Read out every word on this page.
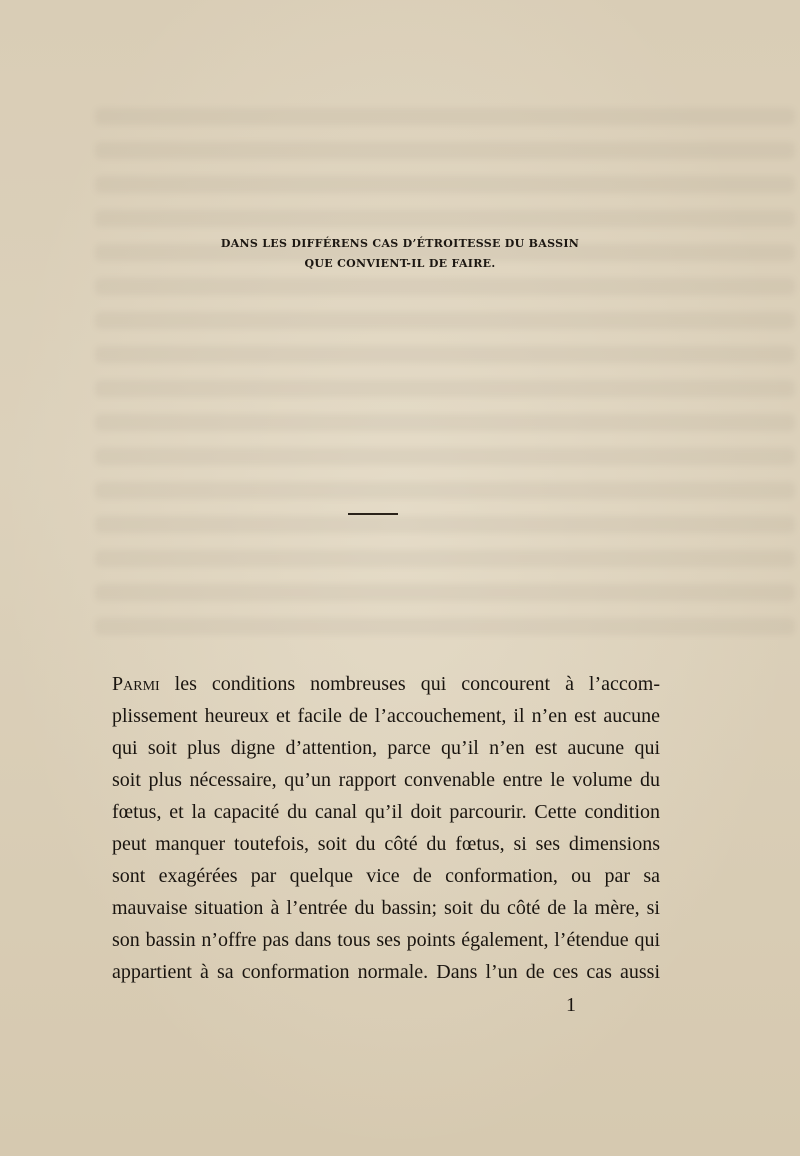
DANS LES DIFFÉRENS CAS D’ÉTROITESSE DU BASSIN
QUE CONVIENT-IL DE FAIRE.
Parmi les conditions nombreuses qui concourent à l’accom-
plissement heureux et facile de l’accouchement, il n’en est aucune
qui soit plus digne d’attention, parce qu’il n’en est aucune qui
soit plus nécessaire, qu’un rapport convenable entre le volume du
fœtus, et la capacité du canal qu’il doit parcourir. Cette condition
peut manquer toutefois, soit du côté du fœtus, si ses dimensions
sont exagérées par quelque vice de conformation, ou par sa
mauvaise situation à l’entrée du bassin; soit du côté de la mère, si
son bassin n’offre pas dans tous ses points également, l’étendue qui
appartient à sa conformation normale. Dans l’un de ces cas aussi
1
